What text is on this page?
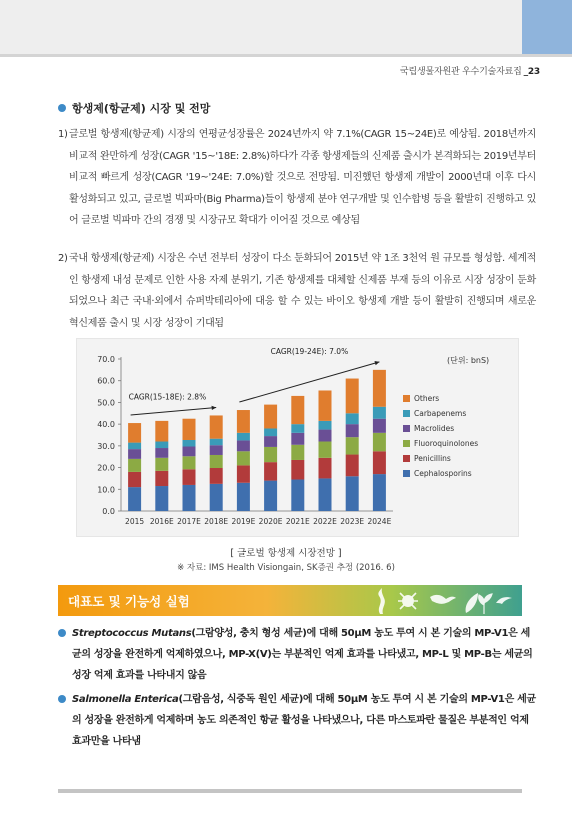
국립생물자원관 우수기술자료집 _23
항생제(항균제) 시장 및 전망
1) 글로벌 항생제(항균제) 시장의 연평균성장률은 2024년까지 약 7.1%(CAGR 15~24E)로 예상됨. 2018년까지 비교적 완만하게 성장(CAGR '15~'18E: 2.8%)하다가 각종 항생제들의 신제품 출시가 본격화되는 2019년부터 비교적 빠르게 성장(CAGR '19~'24E: 7.0%)할 것으로 전망됨. 미진했던 항생제 개발이 2000년대 이후 다시 활성화되고 있고, 글로벌 빅파마(Big Pharma)들이 항생제 분야 연구개발 및 인수합병 등을 활발히 진행하고 있어 글로벌 빅파마 간의 경쟁 및 시장규모 확대가 이어질 것으로 예상됨
2) 국내 항생제(항균제) 시장은 수년 전부터 성장이 다소 둔화되어 2015년 약 1조 3천억 원 규모를 형성함. 세계적인 항생제 내성 문제로 인한 사용 자제 분위기, 기존 항생제를 대체할 신제품 부재 등의 이유로 시장 성장이 둔화되었으나 최근 국내·외에서 슈퍼박테리아에 대응 할 수 있는 바이오 항생제 개발 등이 활발히 진행되며 새로운 혁신제품 출시 및 시장 성장이 기대됨
0.0
10.0
20.0
30.0
40.0
50.0
60.0
70.0
2015 2016E 2017E 2018E 2019E 2020E 2021E 2022E 2023E 2024E
CAGR(15-18E): 2.8%
CAGR(19-24E): 7.0%
(단위: bnS)
Others
Carbapenems
Macrolides
Fluoroquinolones
Penicillins
Cephalosporins
[ 글로벌 항생제 시장전망 ]
※ 자료: IMS Health Visiongain, SK증권 추정 (2016. 6)
대표도 및 기능성 실험
Streptococcus Mutans(그람양성, 충치 형성 세균)에 대해 50μM 농도 투여 시 본 기술의 MP-V1은 세균의 성장을 완전하게 억제하였으나, MP-X(V)는 부분적인 억제 효과를 나타냈고, MP-L 및 MP-B는 세균의 성장 억제 효과를 나타내지 않음
Salmonella Enterica(그람음성, 식중독 원인 세균)에 대해 50μM 농도 투여 시 본 기술의 MP-V1은 세균의 성장을 완전하게 억제하며 농도 의존적인 항균 활성을 나타냈으나, 다른 마스토파란 물질은 부분적인 억제 효과만을 나타냄
